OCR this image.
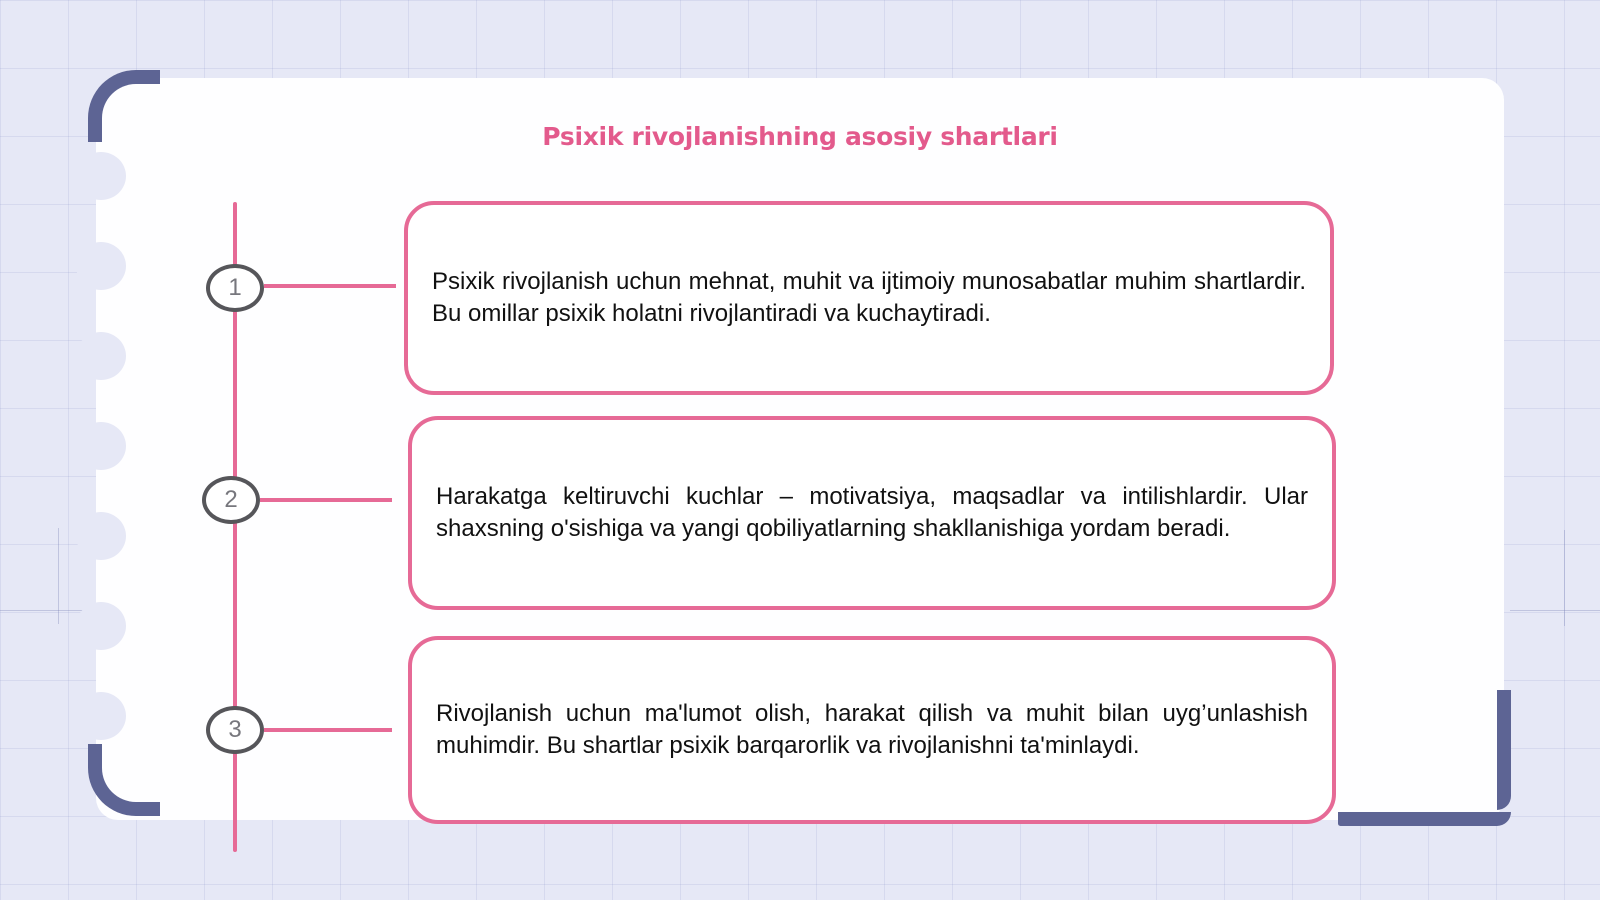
Psixik rivojlanishning asosiy shartlari
1	Psixik rivojlanish uchun mehnat, muhit va ijtimoiy munosabatlar muhim shartlardir. Bu omillar psixik holatni rivojlantiradi va kuchaytiradi.

2	Harakatga keltiruvchi kuchlar – motivatsiya, maqsadlar va intilishlardir. Ular shaxsning o'sishiga va yangi qobiliyatlarning shakllanishiga yordam beradi.

3

Rivojlanish uchun ma'lumot olish, harakat qilish va muhit bilan uyg’unlashish muhimdir. Bu shartlar psixik barqarorlik va rivojlanishni ta'minlaydi.
